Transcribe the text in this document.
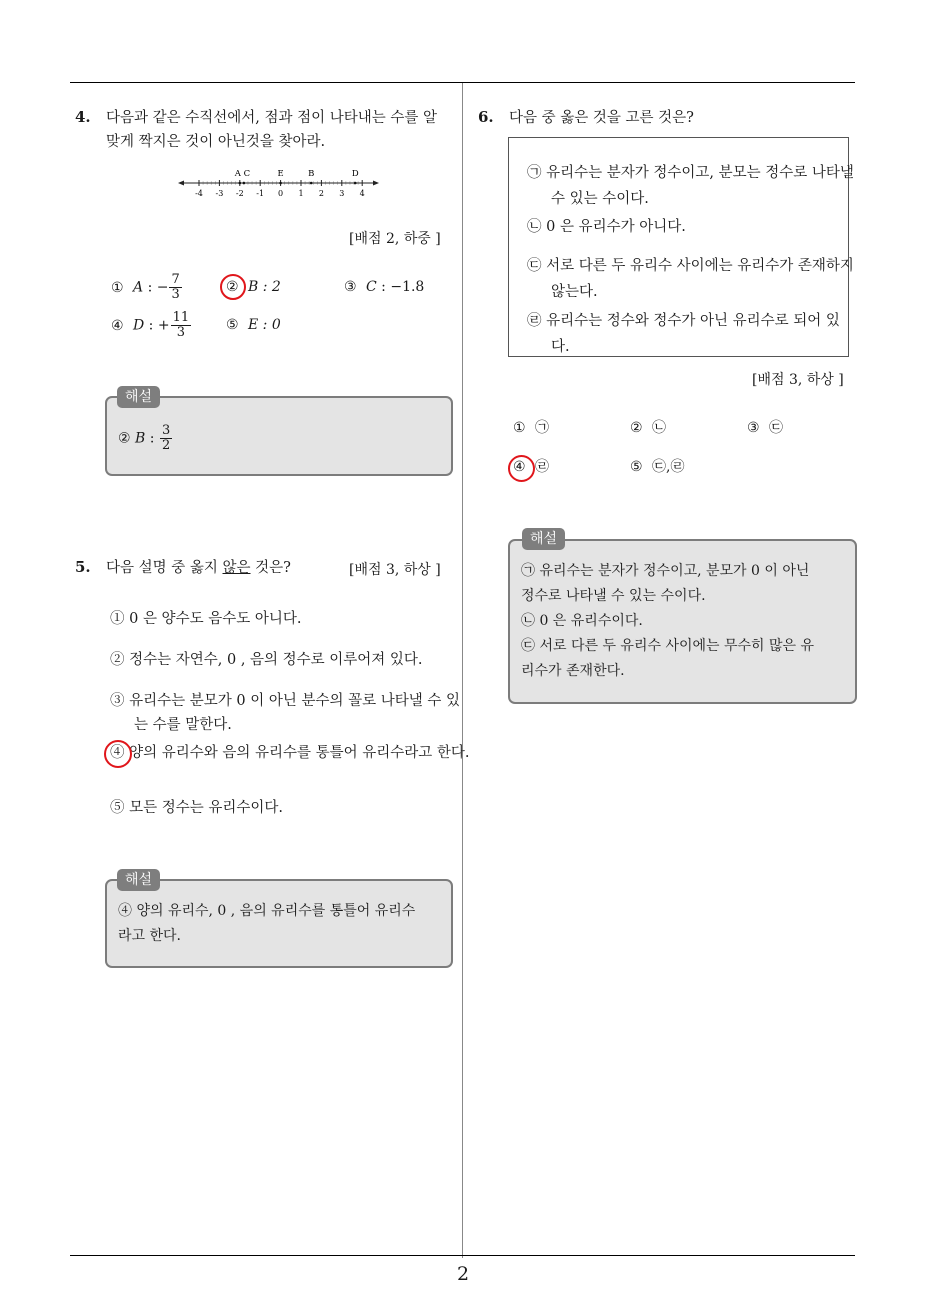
4. 다음과 같은 수직선에서, 점과 점이 나타내는 수를 알
맞게 짝지은 것이 아닌것을 찾아라.
-4 -3 -2 -1 0 1 2 3 4
A C	E	B	D
[배점 2, 하중 ]
① A : − $\frac{7}{3}$	② B : 2	③ C : −1.8
④ D : + $\frac{11}{3}$ ⑤ E : 0
해설
② B : $\frac{3}{2}$
5. 다음 설명 중 옳지 않은 것은?	[배점 3, 하상 ]
① 0 은 양수도 음수도 아니다.
② 정수는 자연수, 0 , 음의 정수로 이루어져 있다.
③ 유리수는 분모가 0 이 아닌 분수의 꼴로 나타낼 수 있는 수를 말한다.
④ 양의 유리수와 음의 유리수를 통틀어 유리수라고 한다.
⑤ 모든 정수는 유리수이다.
해설
④ 양의 유리수, 0 , 음의 유리수를 통틀어 유리수
라고 한다.
6. 다음 중 옳은 것을 고른 것은?
㉠ 유리수는 분자가 정수이고, 분모는 정수로 나타낼 수 있는 수이다.
㉡ 0 은 유리수가 아니다.
㉢ 서로 다른 두 유리수 사이에는 유리수가 존재하지 않는다.
㉣ 유리수는 정수와 정수가 아닌 유리수로 되어 있다.
[배점 3, 하상 ]
① ㉠	② ㉡	③ ㉢
④ ㉣	⑤ ㉢,㉣
해설
㉠ 유리수는 분자가 정수이고, 분모가 0 이 아닌
정수로 나타낼 수 있는 수이다.
㉡ 0 은 유리수이다.
㉢ 서로 다른 두 유리수 사이에는 무수히 많은 유
리수가 존재한다.
2
